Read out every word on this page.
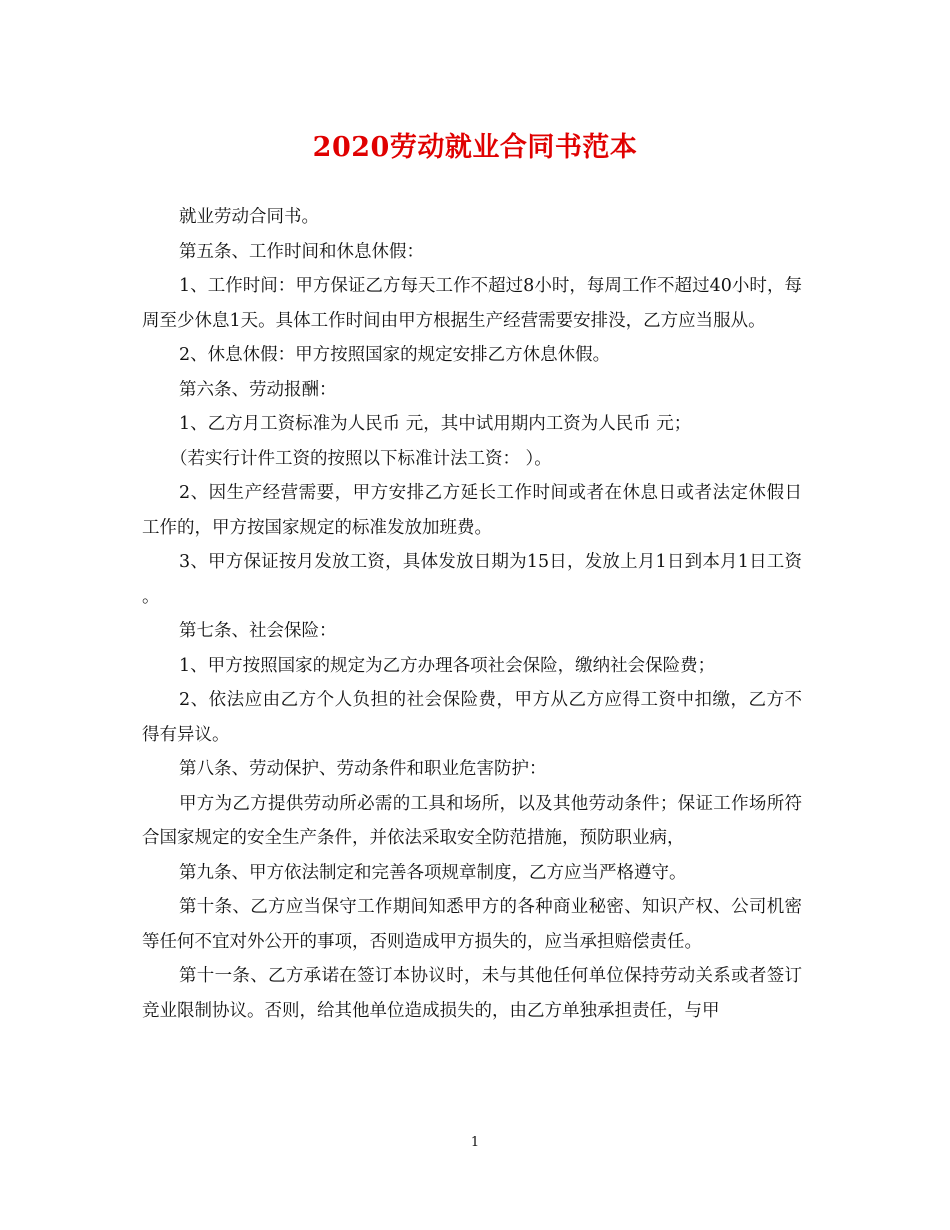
2020劳动就业合同书范本

就业劳动合同书。

第五条、工作时间和休息休假：

1、工作时间：甲方保证乙方每天工作不超过8小时，每周工作不超过40小时，每周至少休息1天。具体工作时间由甲方根据生产经营需要安排没，乙方应当服从。

2、休息休假：甲方按照国家的规定安排乙方休息休假。

第六条、劳动报酬：

1、乙方月工资标准为人民币 元，其中试用期内工资为人民币 元；

（若实行计件工资的按照以下标准计法工资： ）。

2、因生产经营需要，甲方安排乙方延长工作时间或者在休息日或者法定休假日工作的，甲方按国家规定的标准发放加班费。

3、甲方保证按月发放工资，具体发放日期为15日，发放上月1日到本月1日工资 。

第七条、社会保险：

1、甲方按照国家的规定为乙方办理各项社会保险，缴纳社会保险费；

2、依法应由乙方个人负担的社会保险费，甲方从乙方应得工资中扣缴，乙方不得有异议。

第八条、劳动保护、劳动条件和职业危害防护：

甲方为乙方提供劳动所必需的工具和场所，以及其他劳动条件；保证工作场所符合国家规定的安全生产条件，并依法采取安全防范措施，预防职业病，

第九条、甲方依法制定和完善各项规章制度，乙方应当严格遵守。

第十条、乙方应当保守工作期间知悉甲方的各种商业秘密、知识产权、公司机密等任何不宜对外公开的事项，否则造成甲方损失的，应当承担赔偿责任。

第十一条、乙方承诺在签订本协议时，未与其他任何单位保持劳动关系或者签订竞业限制协议。否则，给其他单位造成损失的，由乙方单独承担责任，与甲

1
